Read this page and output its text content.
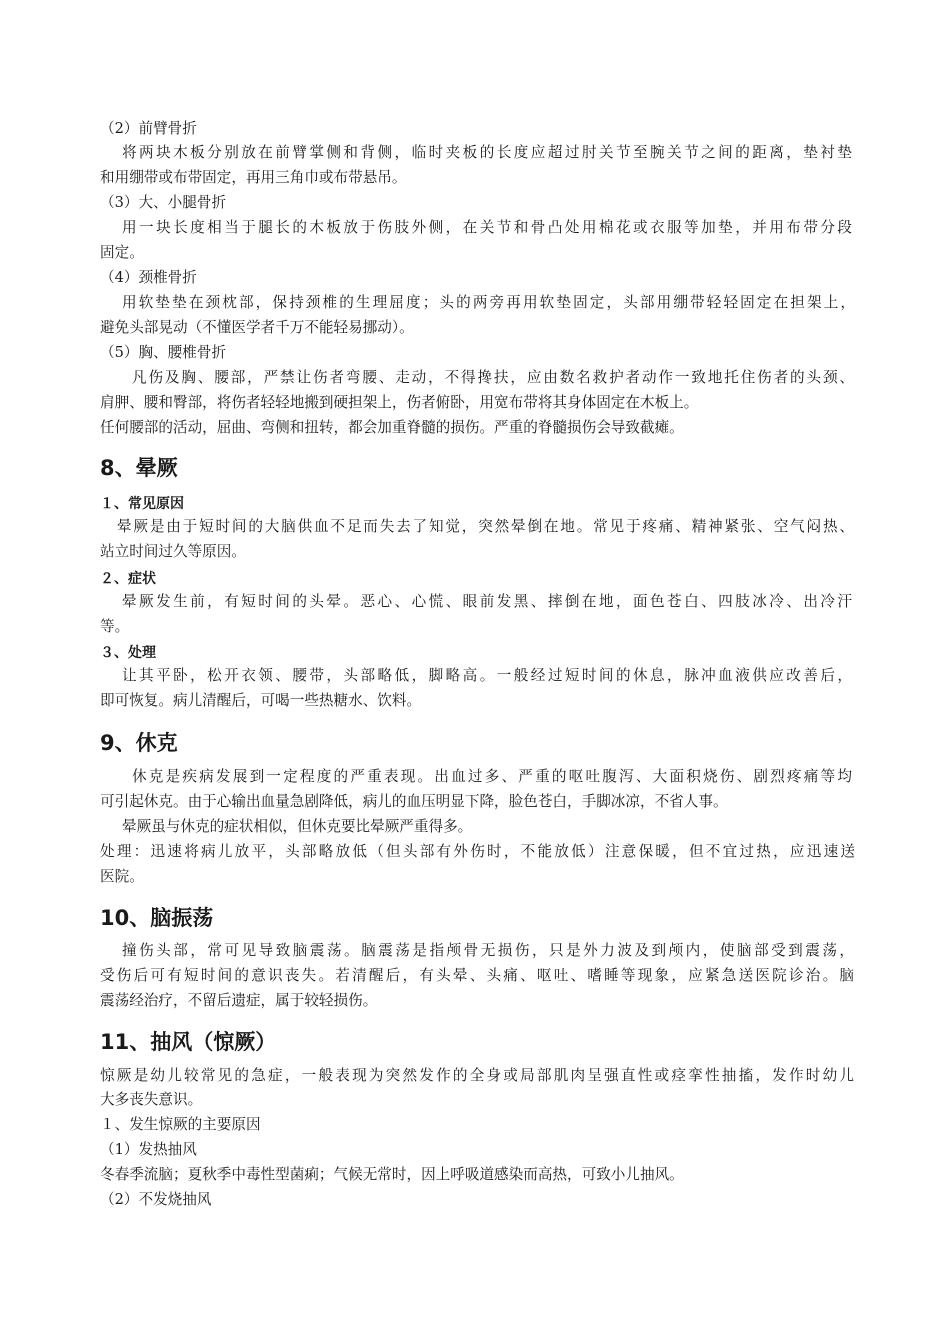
（2）前臂骨折
将两块木板分别放在前臂掌侧和背侧，临时夹板的长度应超过肘关节至腕关节之间的距离，垫衬垫
和用绷带或布带固定，再用三角巾或布带悬吊。
（3）大、小腿骨折
用一块长度相当于腿长的木板放于伤肢外侧，在关节和骨凸处用棉花或衣服等加垫，并用布带分段
固定。
（4）颈椎骨折
用软垫垫在颈枕部，保持颈椎的生理屈度；头的两旁再用软垫固定，头部用绷带轻轻固定在担架上，
避免头部晃动（不懂医学者千万不能轻易挪动）。
（5）胸、腰椎骨折
凡伤及胸、腰部，严禁让伤者弯腰、走动，不得搀扶，应由数名救护者动作一致地托住伤者的头颈、
肩胛、腰和臀部，将伤者轻轻地搬到硬担架上，伤者俯卧，用宽布带将其身体固定在木板上。
任何腰部的活动，屈曲、弯侧和扭转，都会加重脊髓的损伤。严重的脊髓损伤会导致截瘫。
8、晕厥
１、常见原因
晕厥是由于短时间的大脑供血不足而失去了知觉，突然晕倒在地。常见于疼痛、精神紧张、空气闷热、
站立时间过久等原因。
２、症状
晕厥发生前，有短时间的头晕。恶心、心慌、眼前发黑、摔倒在地，面色苍白、四肢冰冷、出冷汗
等。
３、处理
让其平卧，松开衣领、腰带，头部略低，脚略高。一般经过短时间的休息，脉冲血液供应改善后，
即可恢复。病儿清醒后，可喝一些热糖水、饮料。
9、休克
休克是疾病发展到一定程度的严重表现。出血过多、严重的呕吐腹泻、大面积烧伤、剧烈疼痛等均
可引起休克。由于心输出血量急剧降低，病儿的血压明显下降，脸色苍白，手脚冰凉，不省人事。
晕厥虽与休克的症状相似，但休克要比晕厥严重得多。
处理：迅速将病儿放平，头部略放低（但头部有外伤时，不能放低）注意保暖，但不宜过热，应迅速送
医院。
10、脑振荡
撞伤头部，常可见导致脑震荡。脑震荡是指颅骨无损伤，只是外力波及到颅内，使脑部受到震荡，
受伤后可有短时间的意识丧失。若清醒后，有头晕、头痛、呕吐、嗜睡等现象，应紧急送医院诊治。脑
震荡经治疗，不留后遗症，属于较轻损伤。
11、抽风（惊厥）
惊厥是幼儿较常见的急症，一般表现为突然发作的全身或局部肌肉呈强直性或痉挛性抽搐，发作时幼儿
大多丧失意识。
１、发生惊厥的主要原因
（1）发热抽风
冬春季流脑；夏秋季中毒性型菌痢；气候无常时，因上呼吸道感染而高热，可致小儿抽风。
（2）不发烧抽风
